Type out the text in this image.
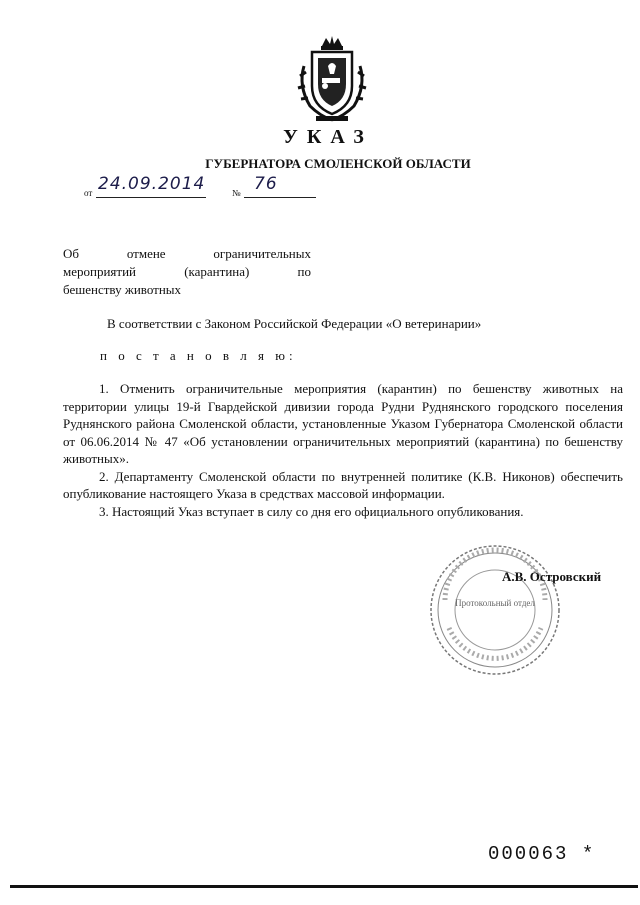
УКАЗ
ГУБЕРНАТОРА СМОЛЕНСКОЙ ОБЛАСТИ
от 24.09.2014	№ 76
Об отмене ограничительных
мероприятий (карантина) по
бешенству животных
В соответствии с Законом Российской Федерации «О ветеринарии»
п о с т а н о в л я ю:

1. Отменить ограничительные мероприятия (карантин) по бешенству животных на территории улицы 19-й Гвардейской дивизии города Рудни Руднянского городского поселения Руднянского района Смоленской области, установленные Указом Губернатора Смоленской области от 06.06.2014 № 47 «Об установлении ограничительных мероприятий (карантина) по бешенству животных».

2. Департаменту Смоленской области по внутренней политике (К.В. Никонов) обеспечить опубликование настоящего Указа в средствах массовой информации.

3. Настоящий Указ вступает в силу со дня его официального опубликования.

Протокольный отдел
А.В. Островский
000063 *
